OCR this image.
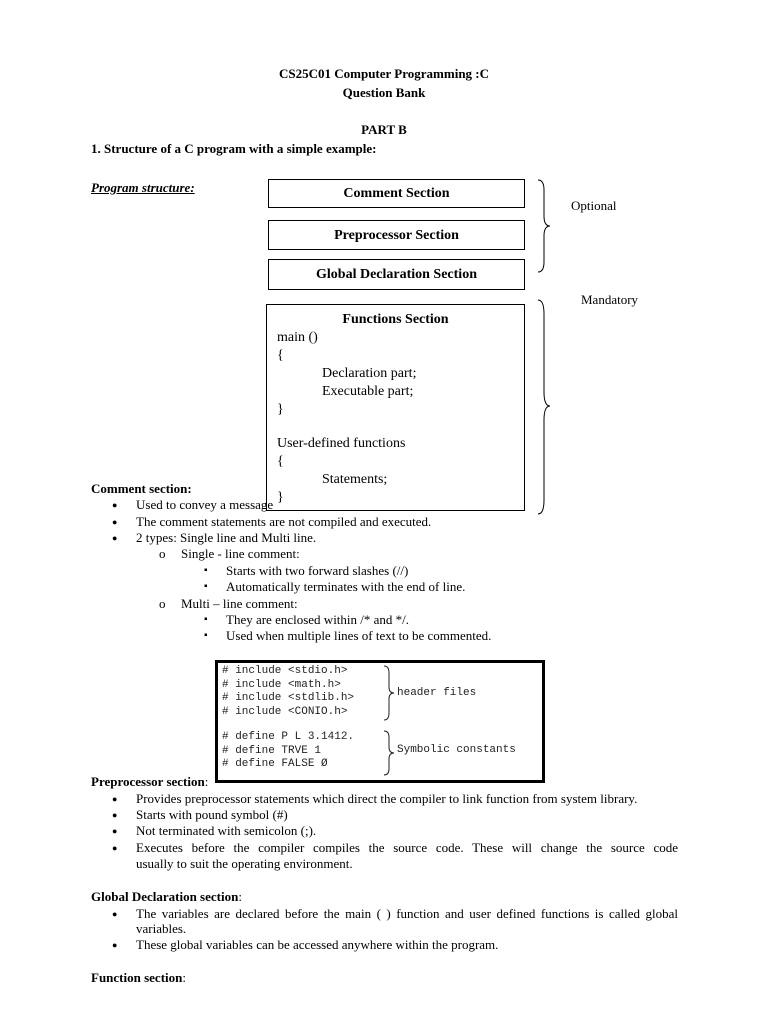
CS25C01 Computer Programming :C
Question Bank
PART B
1. Structure of a C program with a simple example:
Program structure:	Comment Section
Preprocessor Section
Global Declaration Section
Functions Section
main ()
{
Declaration part;
Executable part;
}
User-defined functions
{
Statements;
}
Optional
Mandatory
Comment section:
● Used to convey a message
● The comment statements are not compiled and executed.
● 2 types: Single line and Multi line.
o Single - line comment:
▪ Starts with two forward slashes (//)
▪ Automatically terminates with the end of line.
o Multi – line comment:
▪ They are enclosed within /* and */.
▪ Used when multiple lines of text to be commented.
# include <stdio.h>
# include <math.h>
# include <stdlib.h>
# include <CONIO.h>
header files
# define P L 3.1412.
# define TRVE 1
# define FALSE Ø
Symbolic constants
Preprocessor section:
● Provides preprocessor statements which direct the compiler to link function from system library.
● Starts with pound symbol (#)
● Not terminated with semicolon (;).
● Executes before the compiler compiles the source code. These will change the source code
usually to suit the operating environment.
Global Declaration section:
● The variables are declared before the main ( ) function and user defined functions is called global
variables.
● These global variables can be accessed anywhere within the program.
Function section:
